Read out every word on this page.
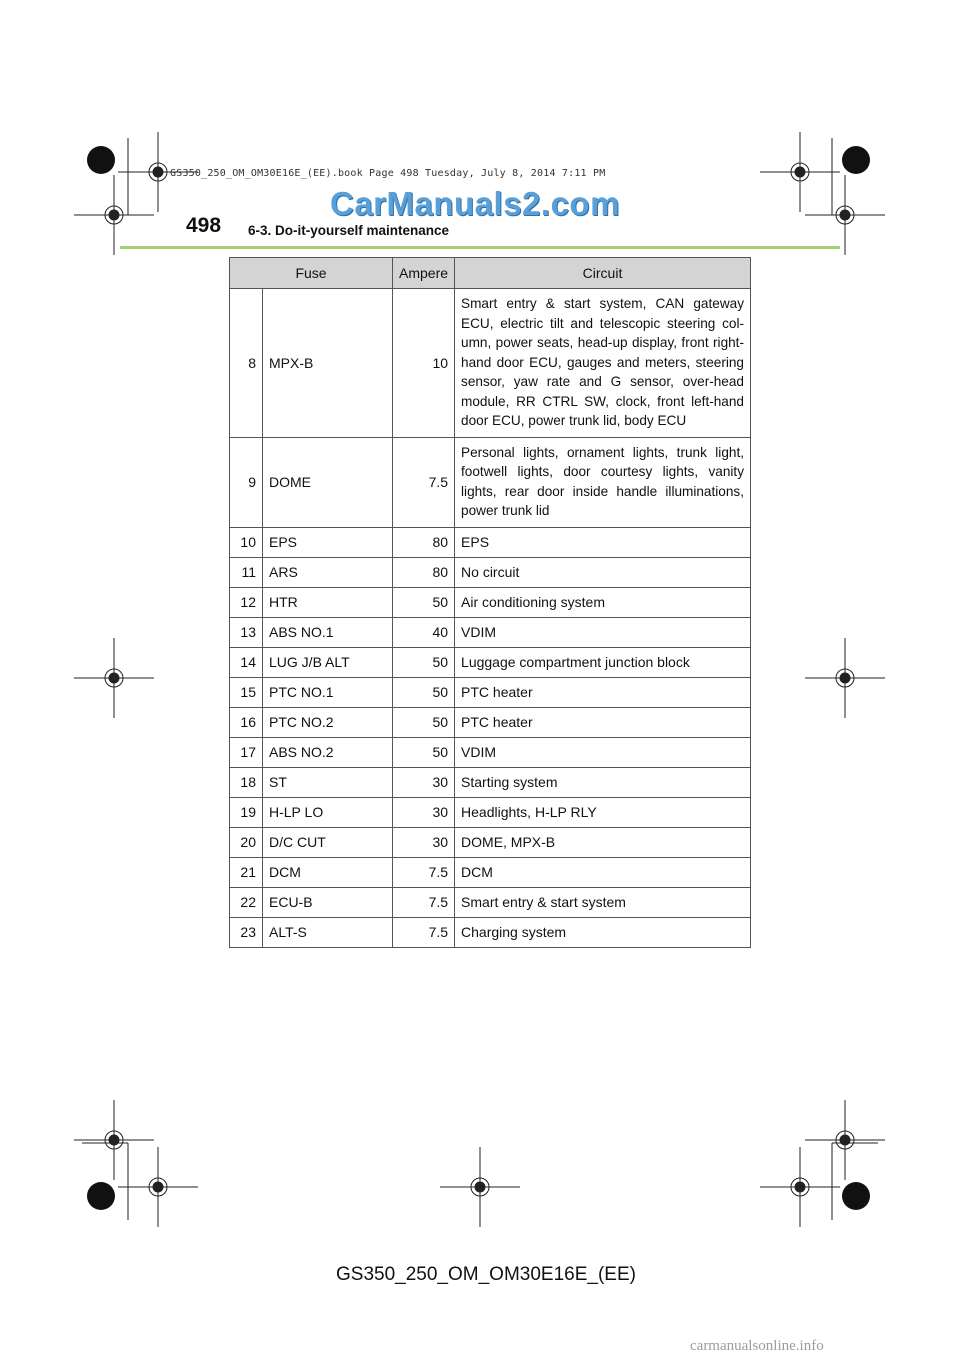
GS350_250_OM_OM30E16E_(EE).book Page 498 Tuesday, July 8, 2014 7:11 PM
CarManuals2.com
498 6-3. Do-it-yourself maintenance
Fuse		Ampere	Circuit
8	MPX-B	10	Smart entry & start system, CAN gateway ECU, electric tilt and telescopic steering col-umn, power seats, head-up display, front right-hand door ECU, gauges and meters, steering sensor, yaw rate and G sensor, over-head module, RR CTRL SW, clock, front left-hand door ECU, power trunk lid, body ECU
9	DOME	7.5	Personal lights, ornament lights, trunk light, footwell lights, door courtesy lights, vanity lights, rear door inside handle illuminations, power trunk lid
10	EPS	80	EPS
11	ARS	80	No circuit
12	HTR	50	Air conditioning system
13	ABS NO.1	40	VDIM
14	LUG J/B ALT	50	Luggage compartment junction block
15	PTC NO.1	50	PTC heater
16	PTC NO.2	50	PTC heater
17	ABS NO.2	50	VDIM
18	ST	30	Starting system
19	H-LP LO	30	Headlights, H-LP RLY
20	D/C CUT	30	DOME, MPX-B
21	DCM	7.5	DCM
22	ECU-B	7.5	Smart entry & start system
23	ALT-S	7.5	Charging system
GS350_250_OM_OM30E16E_(EE)
carmanualsonline.info
